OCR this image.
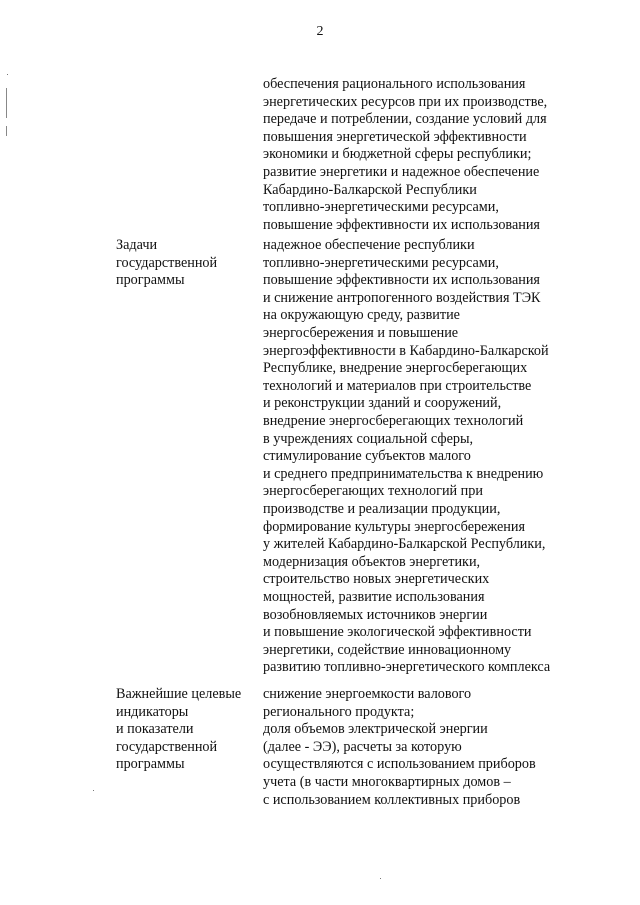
2
обеспечения рационального использования
энергетических ресурсов при их производстве,
передаче и потреблении, создание условий для
повышения энергетической эффективности
экономики и бюджетной сферы республики;
развитие энергетики и надежное обеспечение
Кабардино-Балкарской Республики
топливно-энергетическими ресурсами,
повышение эффективности их использования
Задачи
государственной
программы
надежное обеспечение республики
топливно-энергетическими ресурсами,
повышение эффективности их использования
и снижение антропогенного воздействия ТЭК
на окружающую среду, развитие
энергосбережения и повышение
энергоэффективности в Кабардино-Балкарской
Республике, внедрение энергосберегающих
технологий и материалов при строительстве
и реконструкции зданий и сооружений,
внедрение энергосберегающих технологий
в учреждениях социальной сферы,
стимулирование субъектов малого
и среднего предпринимательства к внедрению
энергосберегающих технологий при
производстве и реализации продукции,
формирование культуры энергосбережения
у жителей Кабардино-Балкарской Республики,
модернизация объектов энергетики,
строительство новых энергетических
мощностей, развитие использования
возобновляемых источников энергии
и повышение экологической эффективности
энергетики, содействие инновационному
развитию топливно-энергетического комплекса
Важнейшие целевые
индикаторы
и показатели
государственной
программы
снижение энергоемкости валового
регионального продукта;
доля объемов электрической энергии
(далее - ЭЭ), расчеты за которую
осуществляются с использованием приборов
учета (в части многоквартирных домов –
с использованием коллективных приборов
